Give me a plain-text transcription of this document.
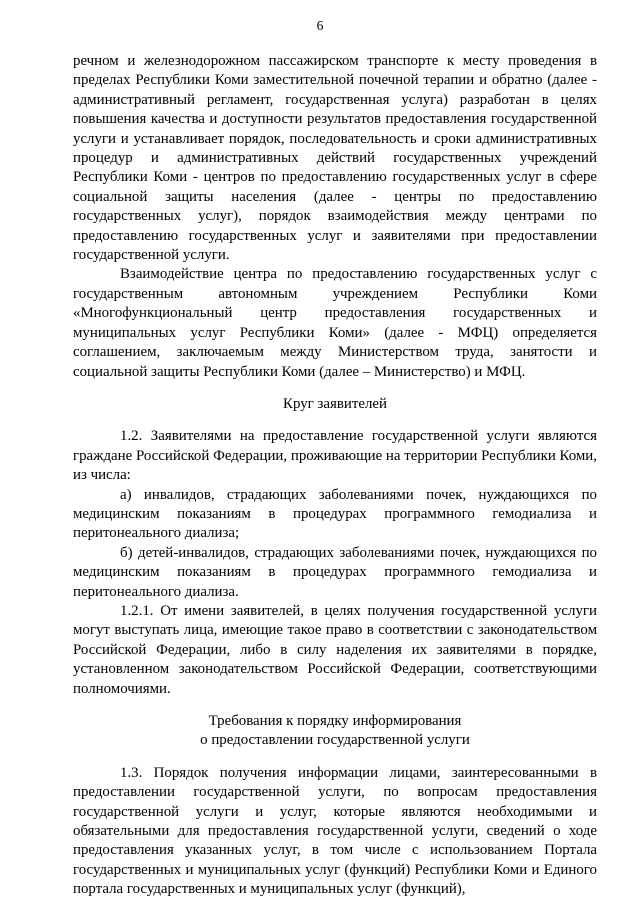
6

речном и железнодорожном пассажирском транспорте к месту проведения в пределах Республики Коми заместительной почечной терапии и обратно (далее - административный регламент, государственная услуга) разработан в целях повышения качества и доступности результатов предоставления государственной услуги и устанавливает порядок, последовательность и сроки административных процедур и административных действий государственных учреждений Республики Коми - центров по предоставлению государственных услуг в сфере социальной защиты населения (далее - центры по предоставлению государственных услуг), порядок взаимодействия между центрами по предоставлению государственных услуг и заявителями при предоставлении государственной услуги.

Взаимодействие центра по предоставлению государственных услуг с государственным автономным учреждением Республики Коми «Многофункциональный центр предоставления государственных и муниципальных услуг Республики Коми» (далее - МФЦ) определяется соглашением, заключаемым между Министерством труда, занятости и социальной защиты Республики Коми (далее – Министерство) и МФЦ.

Круг заявителей

1.2. Заявителями на предоставление государственной услуги являются граждане Российской Федерации, проживающие на территории Республики Коми, из числа:

а) инвалидов, страдающих заболеваниями почек, нуждающихся по медицинским показаниям в процедурах программного гемодиализа и перитонеального диализа;

б) детей-инвалидов, страдающих заболеваниями почек, нуждающихся по медицинским показаниям в процедурах программного гемодиализа и перитонеального диализа.

1.2.1. От имени заявителей, в целях получения государственной услуги могут выступать лица, имеющие такое право в соответствии с законодательством Российской Федерации, либо в силу наделения их заявителями в порядке, установленном законодательством Российской Федерации, соответствующими полномочиями.

Требования к порядку информирования

о предоставлении государственной услуги

1.3. Порядок получения информации лицами, заинтересованными в предоставлении государственной услуги, по вопросам предоставления государственной услуги и услуг, которые являются необходимыми и обязательными для предоставления государственной услуги, сведений о ходе предоставления указанных услуг, в том числе с использованием Портала государственных и муниципальных услуг (функций) Республики Коми и Единого портала государственных и муниципальных услуг (функций),
